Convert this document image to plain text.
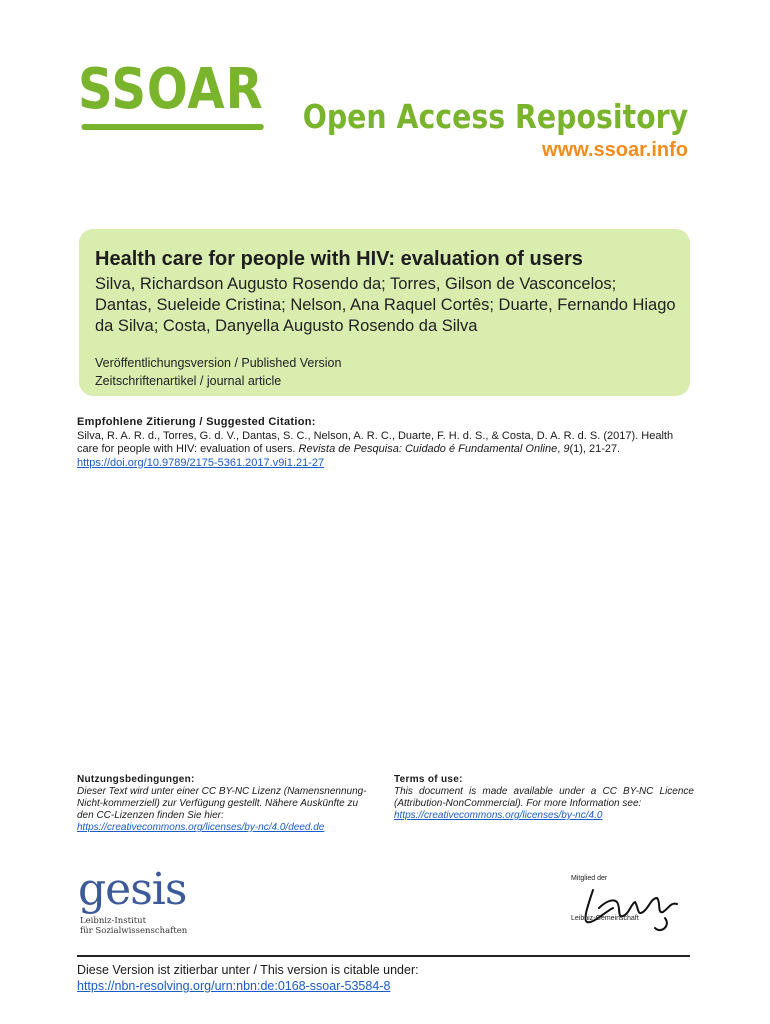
SSOAR Open Access Repository
www.ssoar.info
Health care for people with HIV: evaluation of users
Silva, Richardson Augusto Rosendo da; Torres, Gilson de Vasconcelos; Dantas, Sueleide Cristina; Nelson, Ana Raquel Cortês; Duarte, Fernando Hiago da Silva; Costa, Danyella Augusto Rosendo da Silva
Veröffentlichungsversion / Published Version
Zeitschriftenartikel / journal article
Empfohlene Zitierung / Suggested Citation:
Silva, R. A. R. d., Torres, G. d. V., Dantas, S. C., Nelson, A. R. C., Duarte, F. H. d. S., & Costa, D. A. R. d. S. (2017). Health care for people with HIV: evaluation of users. Revista de Pesquisa: Cuidado é Fundamental Online, 9(1), 21-27.
https://doi.org/10.9789/2175-5361.2017.v9i1.21-27
Nutzungsbedingungen:
Dieser Text wird unter einer CC BY-NC Lizenz (Namensnennung-Nicht-kommerziell) zur Verfügung gestellt. Nähere Auskünfte zu den CC-Lizenzen finden Sie hier:
https://creativecommons.org/licenses/by-nc/4.0/deed.de
Terms of use:
This document is made available under a CC BY-NC Licence (Attribution-NonCommercial). For more Information see:
https://creativecommons.org/licenses/by-nc/4.0
gesis
Leibniz-Institut
für Sozialwissenschaften
Mitglied der
Leibniz
Leibniz-Gemeinschaft
Diese Version ist zitierbar unter / This version is citable under:
https://nbn-resolving.org/urn:nbn:de:0168-ssoar-53584-8
